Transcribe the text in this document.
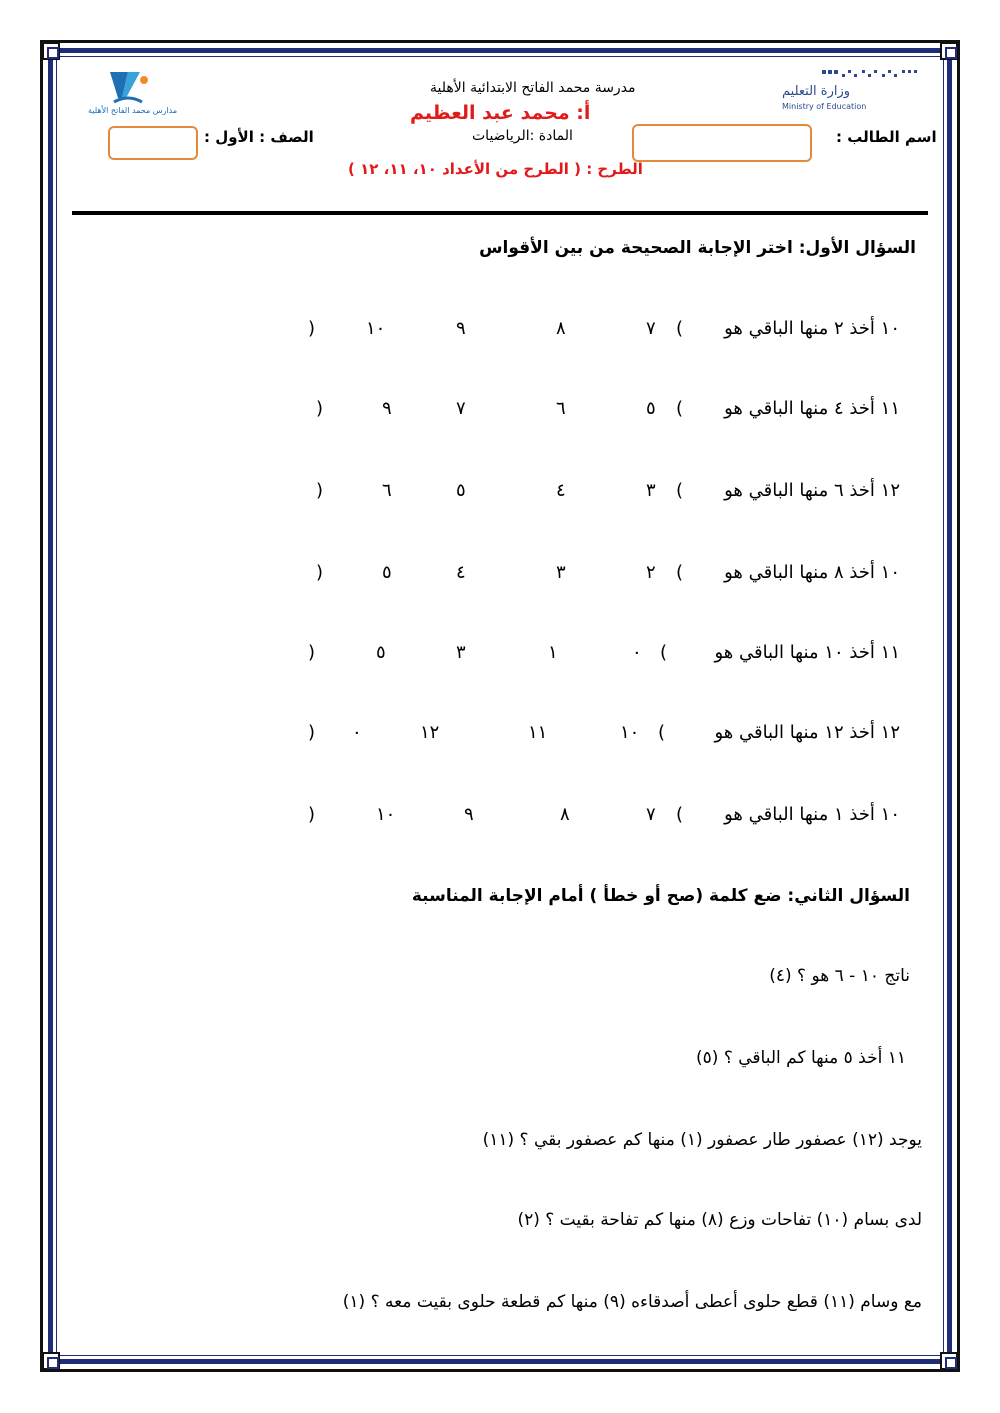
مدارس محمد الفاتح الأهلية
وزارة التعليم
Ministry of Education
مدرسة محمد الفاتح الابتدائية الأهلية
أ: محمد عبد العظيم
المادة :الرياضيات	اسم الطالب :
الصف : الأول :
الطرح : ( الطرح من الأعداد ١٠، ١١، ١٢ )
السؤال الأول: اختر الإجابة الصحيحة من بين الأقواس
١٠ أخذ ٢ منها الباقي هو
(
٧
٨
٩
١٠
)
١١ أخذ ٤ منها الباقي هو
(
٥
٦
٧
٩
)
١٢ أخذ ٦ منها الباقي هو
(
٣
٤
٥
٦
)
١٠ أخذ ٨ منها الباقي هو
(
٢
٣
٤
٥
)
١١ أخذ ١٠ منها الباقي هو
(
٠
١
٣
٥
)
١٢ أخذ ١٢ منها الباقي هو
(
١٠
١١
١٢
٠
)
١٠ أخذ ١ منها الباقي هو
(
٧
٨
٩
١٠
)
السؤال الثاني: ضع كلمة (صح أو خطأ ) أمام الإجابة المناسبة
ناتج ١٠ - ٦ هو ؟ (٤)
١١ أخذ ٥ منها كم الباقي ؟ (٥)
يوجد (١٢) عصفور طار عصفور (١) منها كم عصفور بقي ؟ (١١)
لدى بسام (١٠) تفاحات وزع (٨) منها كم تفاحة بقيت ؟ (٢)
مع وسام (١١) قطع حلوى أعطى أصدقاءه (٩) منها كم قطعة حلوى بقيت معه ؟ (١)
